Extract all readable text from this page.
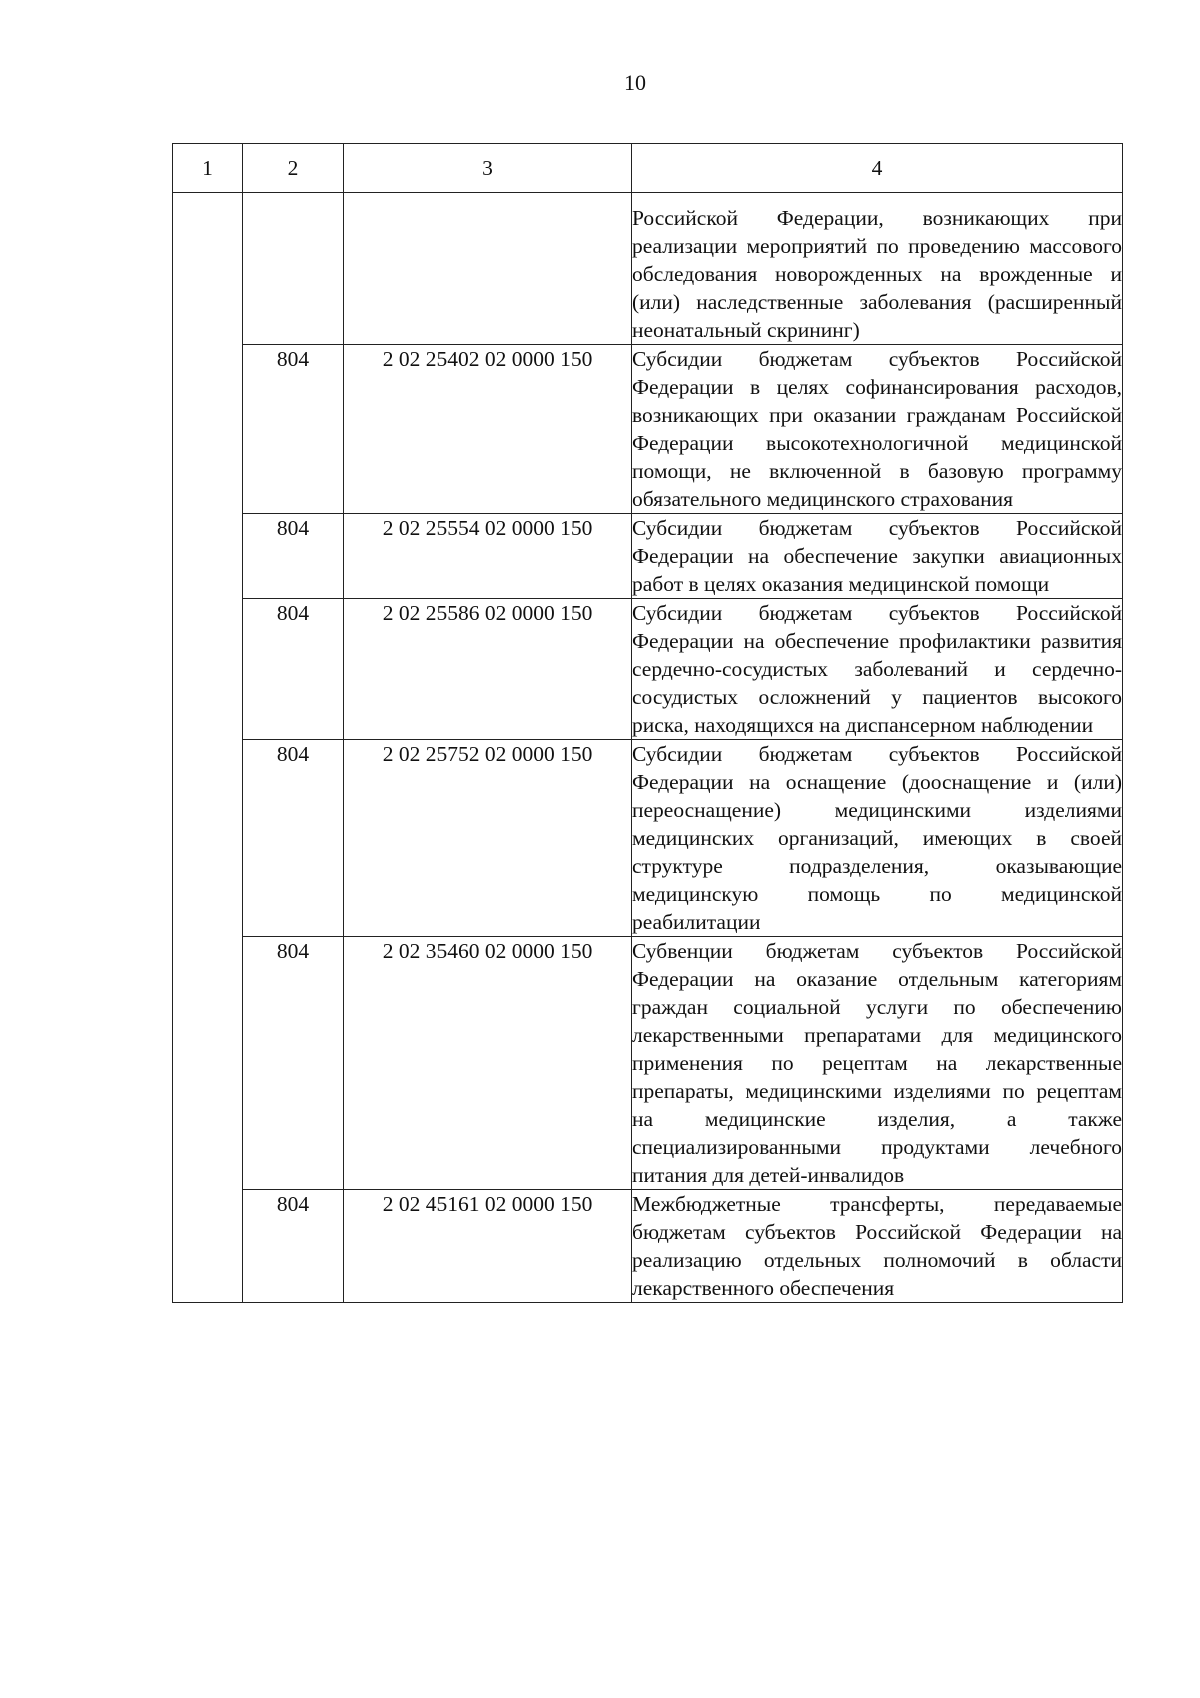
10
1	2	3	4
			Российской Федерации, возникающих при реализации мероприятий по проведению массового обследования новорожденных на врожденные и (или) наследственные заболевания (расширенный неонатальный скрининг)
	804	2 02 25402 02 0000 150	Субсидии бюджетам субъектов Российской Федерации в целях софинансирования расходов, возникающих при оказании гражданам Российской Федерации высокотехнологичной медицинской помощи, не включенной в базовую программу обязательного медицинского страхования
	804	2 02 25554 02 0000 150	Субсидии бюджетам субъектов Российской Федерации на обеспечение закупки авиационных работ в целях оказания медицинской помощи
	804	2 02 25586 02 0000 150	Субсидии бюджетам субъектов Российской Федерации на обеспечение профилактики развития сердечно-сосудистых заболеваний и сердечно-сосудистых осложнений у пациентов высокого риска, находящихся на диспансерном наблюдении
	804	2 02 25752 02 0000 150	Субсидии бюджетам субъектов Российской Федерации на оснащение (дооснащение и (или) переоснащение) медицинскими изделиями медицинских организаций, имеющих в своей структуре подразделения, оказывающие медицинскую помощь по медицинской реабилитации
	804	2 02 35460 02 0000 150	Субвенции бюджетам субъектов Российской Федерации на оказание отдельным категориям граждан социальной услуги по обеспечению лекарственными препаратами для медицинского применения по рецептам на лекарственные препараты, медицинскими изделиями по рецептам на медицинские изделия, а также специализированными продуктами лечебного питания для детей-инвалидов
	804	2 02 45161 02 0000 150	Межбюджетные трансферты, передаваемые бюджетам субъектов Российской Федерации на реализацию отдельных полномочий в области лекарственного обеспечения
